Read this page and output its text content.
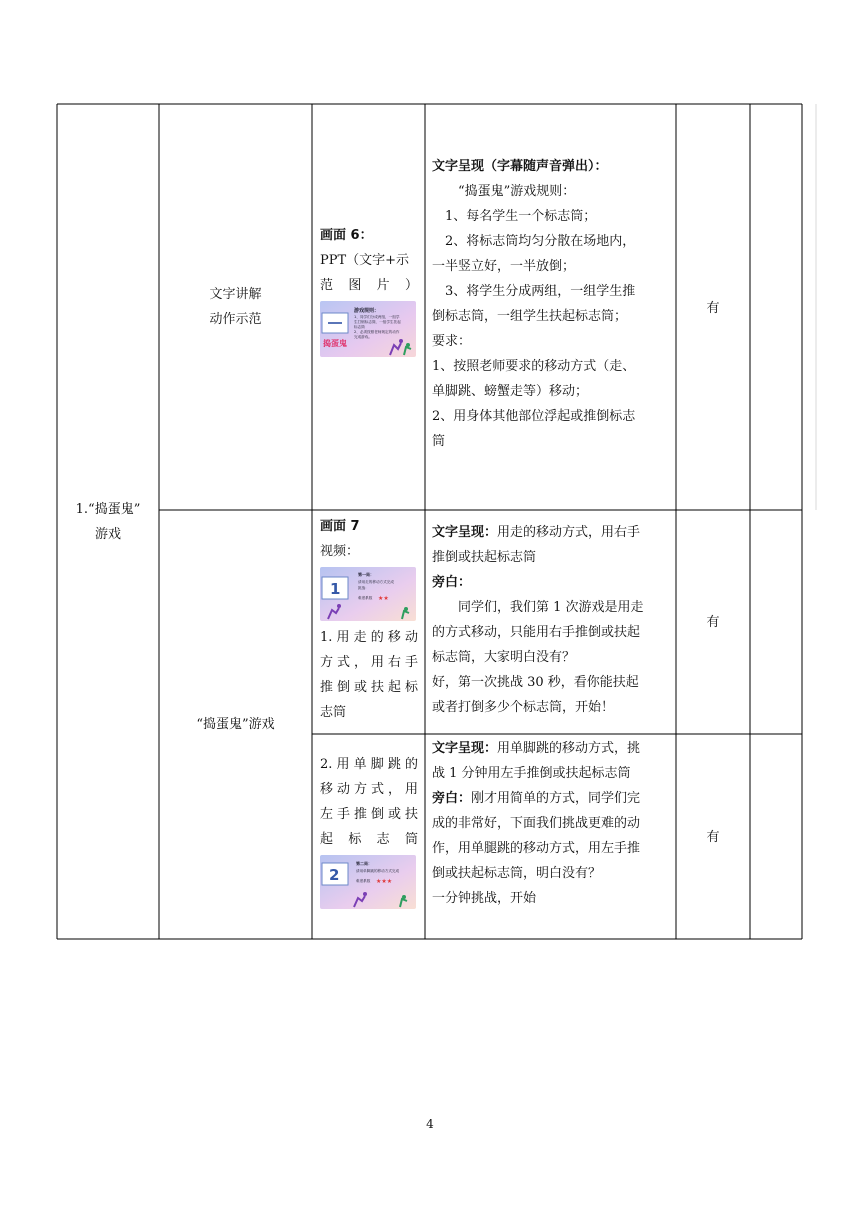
1.“捣蛋鬼”
游戏
文字讲解
动作示范
“捣蛋鬼”游戏
画面 6：
PPT（文字+示
范 图 片 ）
游戏规则：
1、同学们分成两组，一组学
生打倒标志筒，一组学生扶起
标志筒
2、必须按照老师规定的动作
完成游戏。
捣蛋鬼
文字呈现（字幕随声音弹出）：
“捣蛋鬼”游戏规则：
1、每名学生一个标志筒；
2、将标志筒均匀分散在场地内，
一半竖立好，一半放倒；
3、将学生分成两组，一组学生推
倒标志筒，一组学生扶起标志筒；
要求：
1、按照老师要求的移动方式（走、
单脚跳、螃蟹走等）移动；
2、用身体其他部位浮起或推倒标志
筒
有
有
有
画面 7
视频：
1
第一局：
请用走的移动方式完成
挑战：
难度系数 ★★
1.用走的移动
方式，用右手
推倒或扶起标
志筒
文字呈现：用走的移动方式，用右手
推倒或扶起标志筒
旁白：
同学们，我们第 1 次游戏是用走
的方式移动，只能用右手推倒或扶起
标志筒，大家明白没有？
好，第一次挑战 30 秒，看你能扶起
或者打倒多少个标志筒，开始！
2.用单脚跳的
移动方式，用
左手推倒或扶
起 标 志 筒
2
第二局：
请用单脚跳的移动方式完成
难度系数 ★★★
文字呈现：用单脚跳的移动方式，挑
战 1 分钟用左手推倒或扶起标志筒
旁白：刚才用简单的方式，同学们完
成的非常好，下面我们挑战更难的动
作，用单腿跳的移动方式，用左手推
倒或扶起标志筒，明白没有？
一分钟挑战，开始
4
